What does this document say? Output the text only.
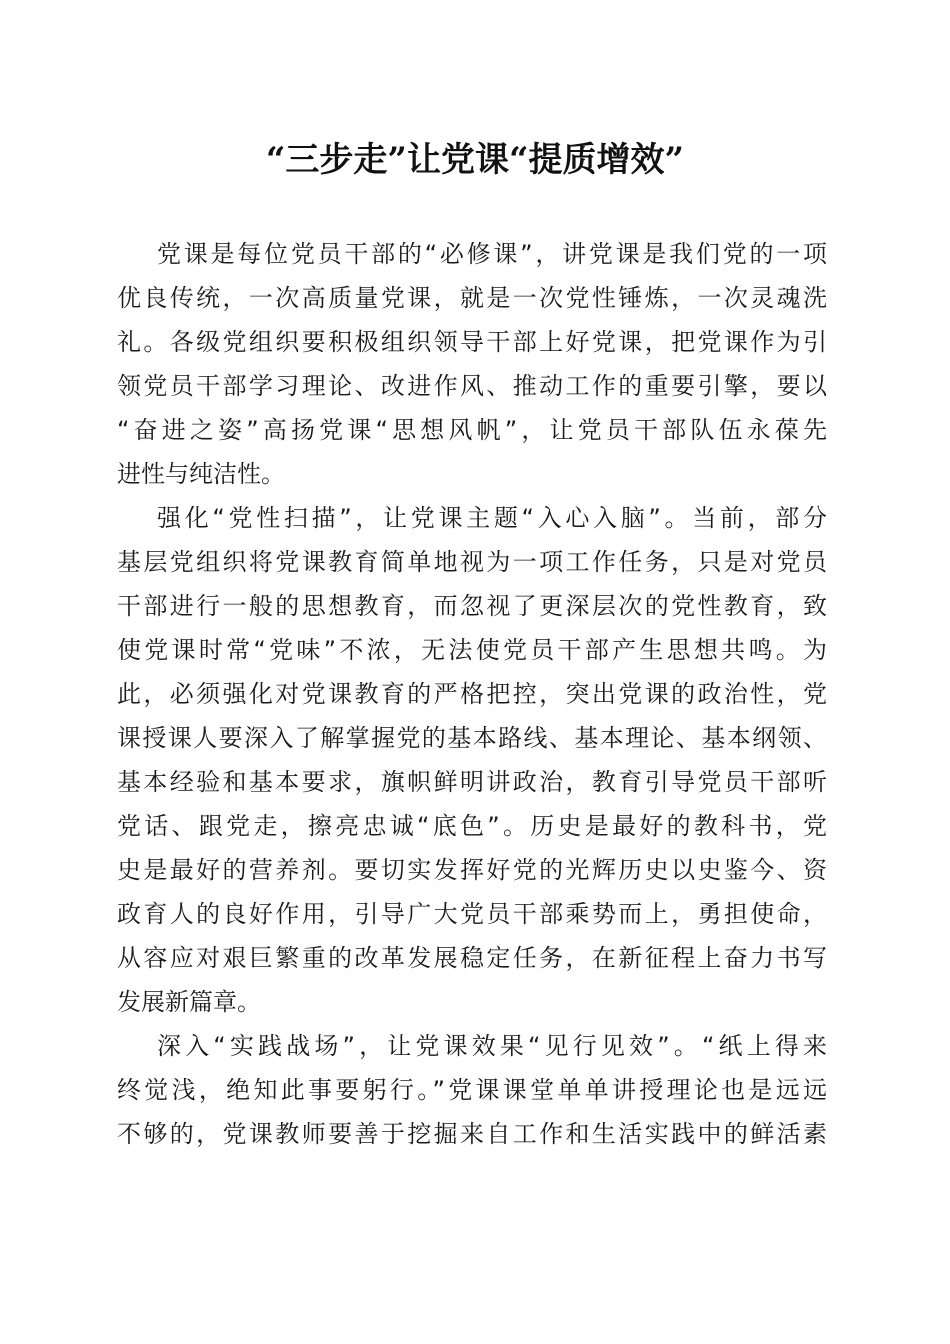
“三步走”让党课“提质增效”
党课是每位党员干部的“必修课”，讲党课是我们党的一项
优良传统，一次高质量党课，就是一次党性锤炼，一次灵魂洗
礼。各级党组织要积极组织领导干部上好党课，把党课作为引
领党员干部学习理论、改进作风、推动工作的重要引擎，要以
“奋进之姿”高扬党课“思想风帆”，让党员干部队伍永葆先
进性与纯洁性。
强化“党性扫描”，让党课主题“入心入脑”。当前，部分
基层党组织将党课教育简单地视为一项工作任务，只是对党员
干部进行一般的思想教育，而忽视了更深层次的党性教育，致
使党课时常“党味”不浓，无法使党员干部产生思想共鸣。为
此，必须强化对党课教育的严格把控，突出党课的政治性，党
课授课人要深入了解掌握党的基本路线、基本理论、基本纲领、
基本经验和基本要求，旗帜鲜明讲政治，教育引导党员干部听
党话、跟党走，擦亮忠诚“底色”。历史是最好的教科书，党
史是最好的营养剂。要切实发挥好党的光辉历史以史鉴今、资
政育人的良好作用，引导广大党员干部乘势而上，勇担使命，
从容应对艰巨繁重的改革发展稳定任务，在新征程上奋力书写
发展新篇章。
深入“实践战场”，让党课效果“见行见效”。“纸上得来
终觉浅，绝知此事要躬行。”党课课堂单单讲授理论也是远远
不够的，党课教师要善于挖掘来自工作和生活实践中的鲜活素
